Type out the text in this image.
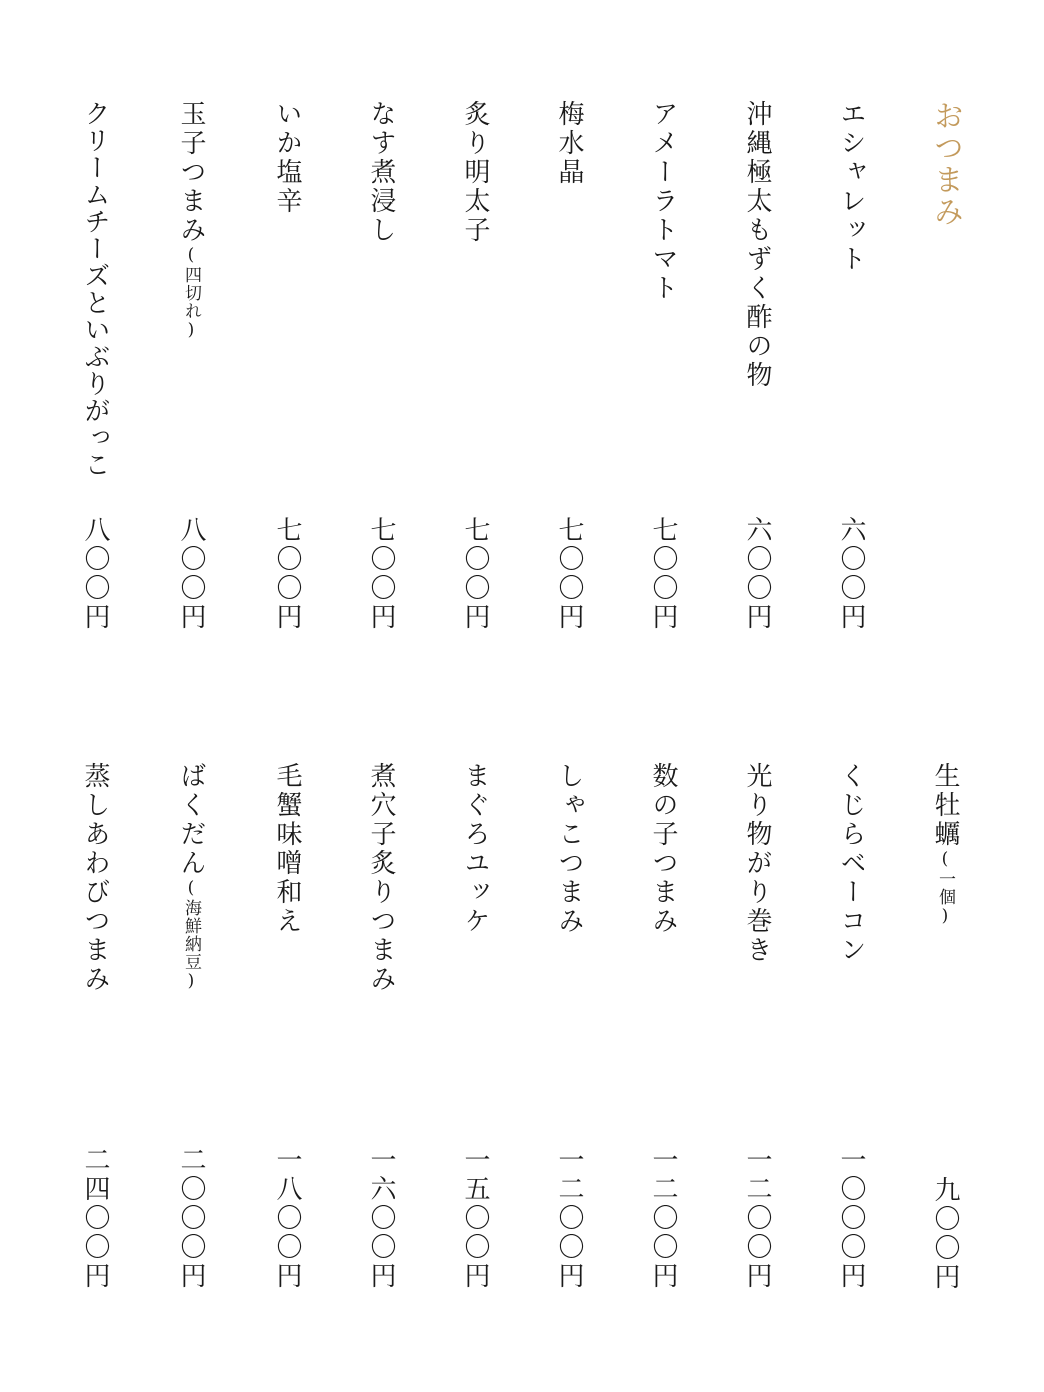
おつまみ
エシャレット
沖縄極太もずく酢の物
アメーラトマト
梅水晶
炙り明太子
なす煮浸し
いか塩辛
玉子つまみ(四切れ)
クリームチーズといぶりがっこ
六〇〇円
六〇〇円
七〇〇円
七〇〇円
七〇〇円
七〇〇円
七〇〇円
八〇〇円
八〇〇円
生牡蠣(一個)
くじらベーコン
光り物がり巻き
数の子つまみ
しゃこつまみ
まぐろユッケ
煮穴子炙りつまみ
毛蟹味噌和え
ばくだん(海鮮納豆)
蒸しあわびつまみ
九〇〇円
一〇〇〇円
一二〇〇円
一二〇〇円
一二〇〇円
一五〇〇円
一六〇〇円
一八〇〇円
二〇〇〇円
二四〇〇円
